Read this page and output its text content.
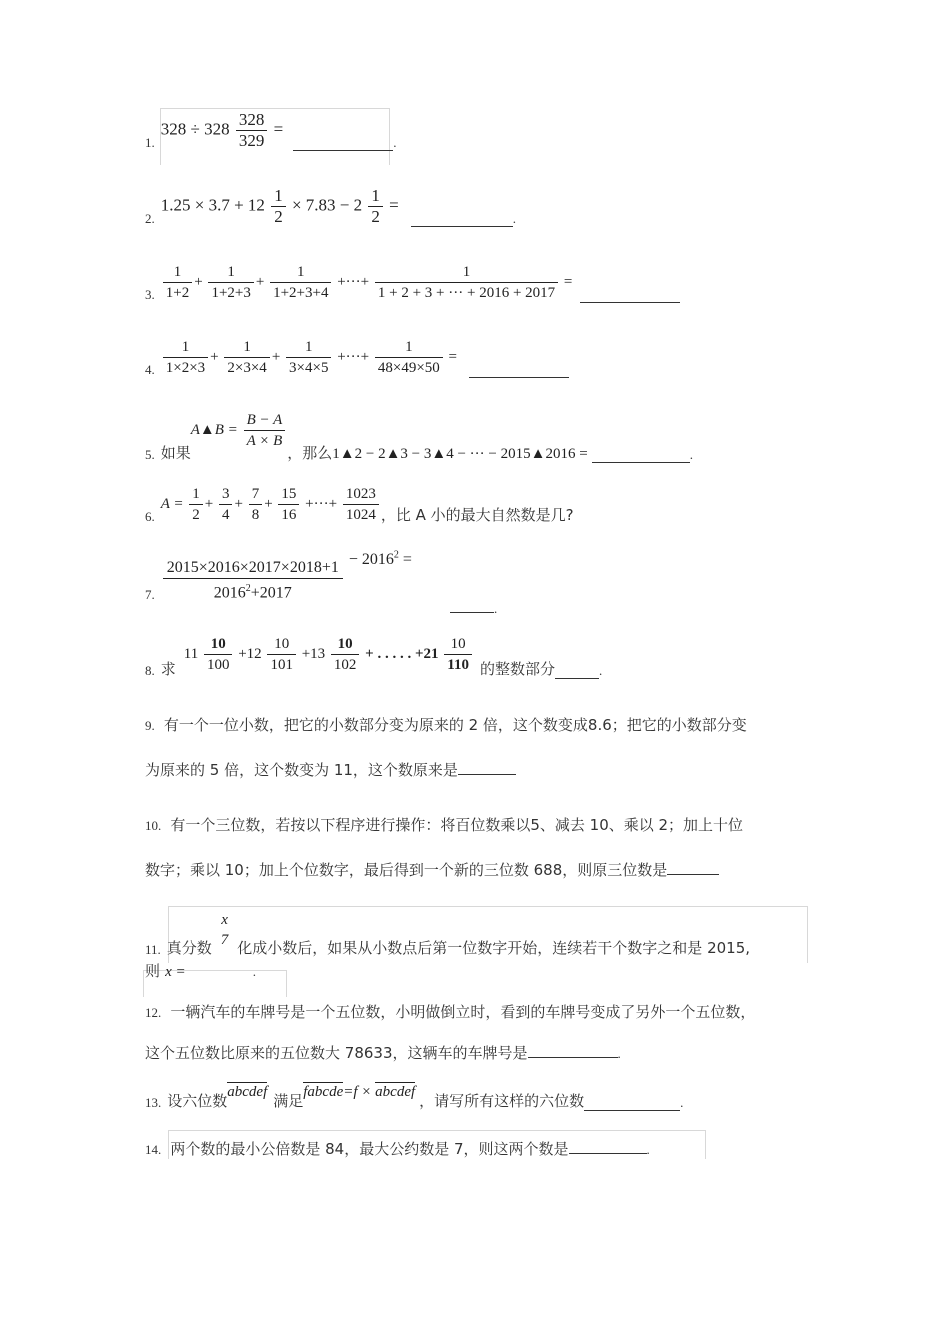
1.
$328 \div 328 \frac{328}{329}$ =
.
2.
$1.25 \times 3.7 + 12 \frac{1}{2} \times 7.83 - 2 \frac{1}{2}$ =
.
3. $\frac{1}{1+2} + \frac{1}{1+2+3} + \frac{1}{1+2+3+4}$ +···+ $\frac{1}{1 + 2 + 3 + \cdot\cdot\cdot + 2016 + 2017}$ =
4. $\frac{1}{1\times 2\times 3} + \frac{1}{2\times 3\times 4} + \frac{1}{3\times 4\times 5}$ +···+ $\frac{1}{48\times 49\times 50}$ =
5. 如果
A▲B = $\frac{B - A}{A \times B}$
，那么 1▲2 − 2▲3 − 3▲4 − ··· − 2015▲2016 =	.
6.
$A = \frac{1}{2} + \frac{3}{4} + \frac{7}{8} + \frac{15}{16}$ +···+ $\frac{1023}{1024}$ ，比 A 小的最大自然数是几?
7. $\frac{2015\times 2016\times 2017\times 2018+1}{2016^2+2017} - 2016^2$ =
.
8. 求
$11 \frac{10}{100} +12 \frac{10}{101} +13 \frac{10}{102}$ + . . . . . $+21 \frac{10}{110}$ 的整数部分	.
9. 有一个一位小数，把它的小数部分变为原来的 2 倍，这个数变成8.6；把它的小数部分变
为原来的 5 倍，这个数变为 11，这个数原来是
10. 有一个三位数，若按以下程序进行操作：将百位数乘以5、减去 10、乘以 2；加上十位
数字；乘以 10；加上个位数字，最后得到一个新的三位数 688，则原三位数是
11. 真分数
x
7 化成小数后，如果从小数点后第一位数字开始，连续若干个数字之和是 2015,
则 x =	.
12. 一辆汽车的车牌号是一个五位数，小明做倒立时，看到的车牌号变成了另外一个五位数，
这个五位数比原来的五位数大 78633，这辆车的车牌号是	.
13. 设六位数 abcdef 满足 fabcde=f × abcdef ，请写所有这样的六位数	.
14. 两个数的最小公倍数是 84，最大公约数是 7，则这两个数是	.
